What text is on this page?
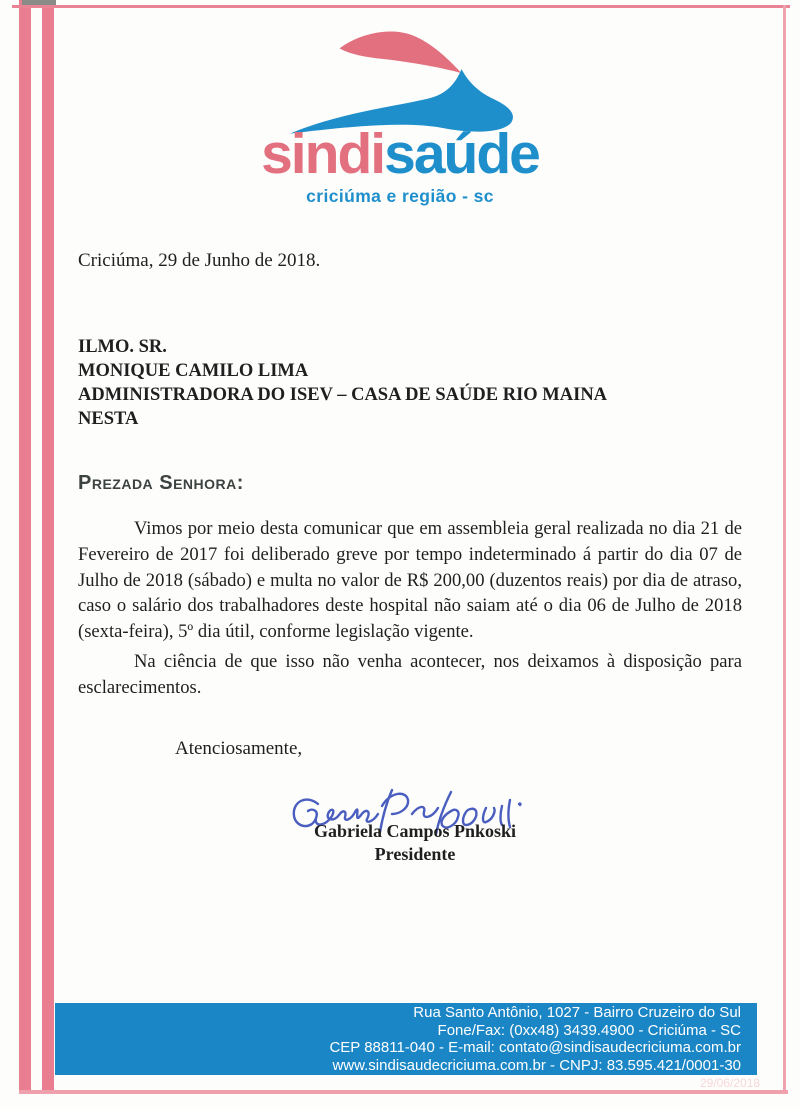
sindisaúde
criciúma e região - sc
Criciúma, 29 de Junho de 2018.
ILMO. SR.
MONIQUE CAMILO LIMA
ADMINISTRADORA DO ISEV – CASA DE SAÚDE RIO MAINA
NESTA
Prezada Senhora:

Vimos por meio desta comunicar que em assembleia geral realizada no dia 21 de Fevereiro de 2017 foi deliberado greve por tempo indeterminado á partir do dia 07 de Julho de 2018 (sábado) e multa no valor de R$ 200,00 (duzentos reais) por dia de atraso, caso o salário dos trabalhadores deste hospital não saiam até o dia 06 de Julho de 2018 (sexta-feira), 5º dia útil, conforme legislação vigente.

Na ciência de que isso não venha acontecer, nos deixamos à disposição para esclarecimentos.

Atenciosamente,
Gabriela Campos Pnkoski
Presidente
Rua Santo Antônio, 1027 - Bairro Cruzeiro do Sul
Fone/Fax: (0xx48) 3439.4900 - Criciúma - SC
CEP 88811-040 - E-mail: contato@sindisaudecriciuma.com.br
www.sindisaudecriciuma.com.br - CNPJ: 83.595.421/0001-30
29/06/2018
